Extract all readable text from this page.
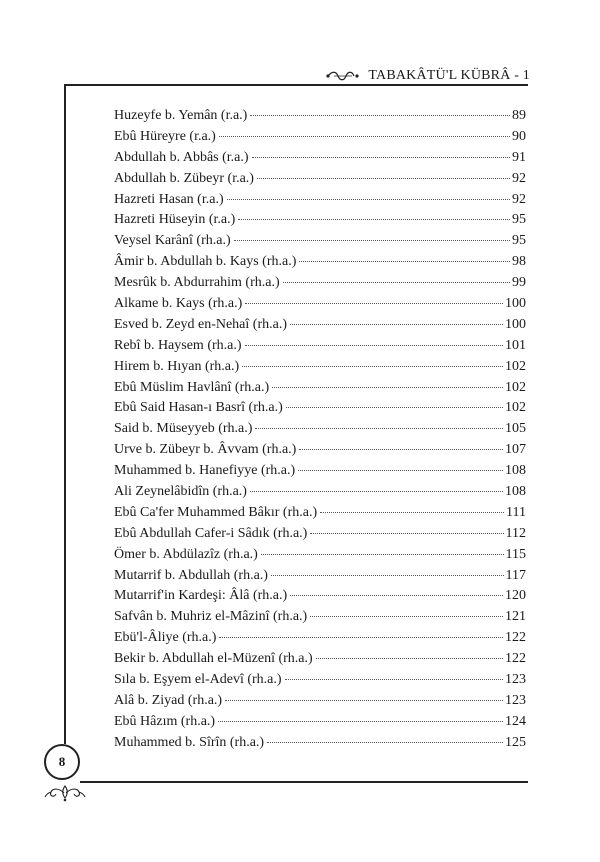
TABAKÂTÜ'L KÜBRÂ - 1
Huzeyfe b. Yemân (r.a.)	89
Ebû Hüreyre (r.a.)	90
Abdullah b. Abbâs (r.a.)	91
Abdullah b. Zübeyr (r.a.)	92
Hazreti Hasan (r.a.)	92
Hazreti Hüseyin (r.a.)	95
Veysel Karânî (rh.a.)	95
Âmir b. Abdullah b. Kays (rh.a.)	98
Mesrûk b. Abdurrahim (rh.a.)	99
Alkame b. Kays (rh.a.)	100
Esved b. Zeyd en-Nehaî (rh.a.)	100
Rebî b. Haysem (rh.a.)	101
Hirem b. Hıyan (rh.a.)	102
Ebû Müslim Havlânî (rh.a.)	102
Ebû Said Hasan-ı Basrî (rh.a.)	102
Said b. Müseyyeb (rh.a.)	105
Urve b. Zübeyr b. Âvvam (rh.a.)	107
Muhammed b. Hanefiyye (rh.a.)	108
Ali Zeynelâbidîn (rh.a.)	108
Ebû Ca'fer Muhammed Bâkır (rh.a.)	111
Ebû Abdullah Cafer-i Sâdık (rh.a.)	112
Ömer b. Abdülazîz (rh.a.)	115
Mutarrif b. Abdullah (rh.a.)	117
Mutarrif'in Kardeşi: Âlâ (rh.a.)	120
Safvân b. Muhriz el-Mâzinî (rh.a.)	121
Ebü'l-Âliye (rh.a.)	122
Bekir b. Abdullah el-Müzenî (rh.a.)	122
Sıla b. Eşyem el-Adevî (rh.a.)	123
Alâ b. Ziyad (rh.a.)	123
Ebû Hâzım (rh.a.)	124
Muhammed b. Sîrîn (rh.a.)	125
8
